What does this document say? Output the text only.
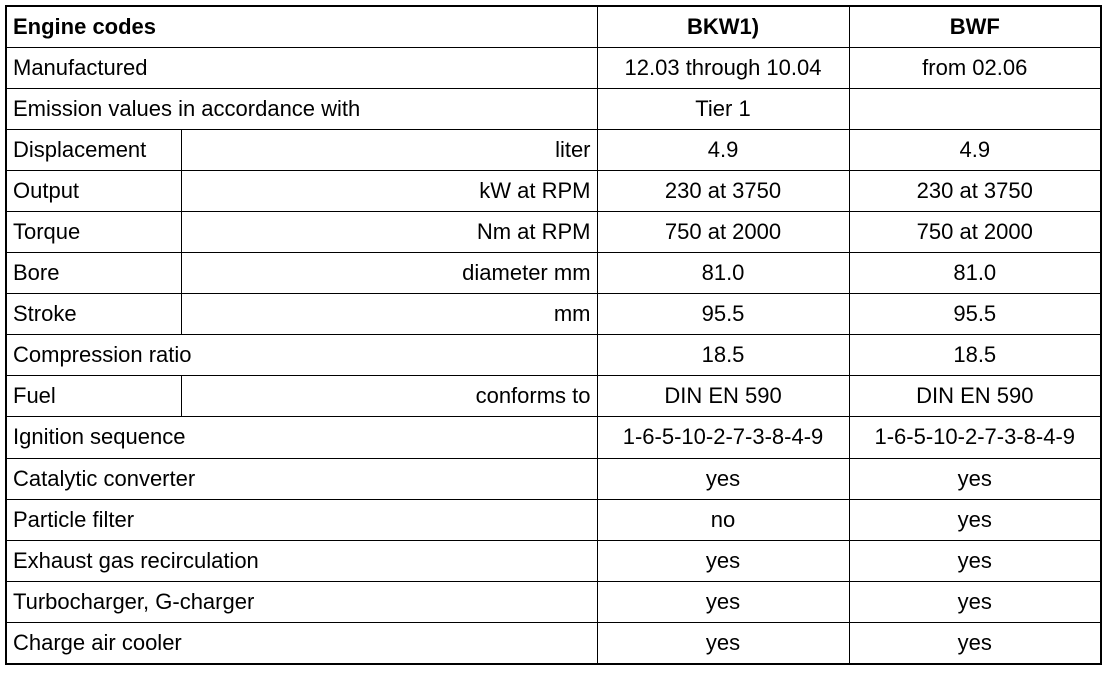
Engine codes		BKW1)	BWF
Manufactured		12.03 through 10.04	from 02.06
Emission values in accordance with		Tier 1	
Displacement	liter	4.9	4.9
Output	kW at RPM	230 at 3750	230 at 3750
Torque	Nm at RPM	750 at 2000	750 at 2000
Bore	diameter mm	81.0	81.0
Stroke	mm	95.5	95.5
Compression ratio		18.5	18.5
Fuel	conforms to	DIN EN 590	DIN EN 590
Ignition sequence		1-6-5-10-2-7-3-8-4-9	1-6-5-10-2-7-3-8-4-9
Catalytic converter		yes	yes
Particle filter		no	yes
Exhaust gas recirculation		yes	yes
Turbocharger, G-charger		yes	yes
Charge air cooler		yes	yes
